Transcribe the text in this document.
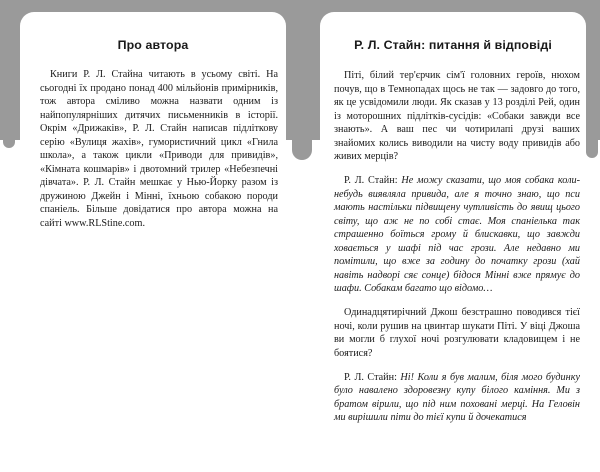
Про автора

Книги Р. Л. Стайна читають в усьому світі. На сьогодні їх продано понад 400 мільйонів примірників, тож автора сміливо можна назвати одним із найпопулярніших дитячих письменників в історії. Окрім «Дрижаків», Р. Л. Стайн написав підліткову серію «Вулиця жахів», гумористичний цикл «Гнила школа», а також цикли «Приводи для привидів», «Кімната кошмарів» і двотомний трилер «Небезпечні дівчата». Р. Л. Стайн мешкає у Нью-Йорку разом із дружиною Джейн і Мінні, їхньою собакою породи спаніель. Більше довідатися про автора можна на сайті www.RLStine.com.

Р. Л. Стайн: питання й відповіді

Піті, білий тер'єрчик сім'ї головних героїв, нюхом почув, що в Темнопадах щось не так — задовго до того, як це усвідомили люди. Як сказав у 13 розділі Рей, один із моторошних підлітків-сусідів: «Собаки завжди все знають». А ваш пес чи чотирилапі друзі ваших знайомих колись виводили на чисту воду привидів або живих мерців?

Р. Л. Стайн: Не можу сказати, що моя собака коли-небудь виявляла привида, але я точно знаю, що пси мають настільки підвищену чутливість до явищ цього світу, що аж не по собі стає. Моя спаніелька так страшенно боїться грому й блискавки, що завжди ховається у шафі під час грози. Але недавно ми помітили, що вже за годину до початку грози (хай навіть надворі сяє сонце) бідося Мінні вже прямує до шафи. Собакам багато що відомо…

Одинадцятирічний Джош безстрашно поводився тієї ночі, коли рушив на цвинтар шукати Піті. У віці Джоша ви могли б глухої ночі розгулювати кладовищем і не боятися?

Р. Л. Стайн: Ні! Коли я був малим, біля мого будинку було навалено здоровезну купу білого каміння. Ми з братом вірили, що під ним поховані мерці. На Геловін ми вирішили піти до тієї купи й дочекатися
